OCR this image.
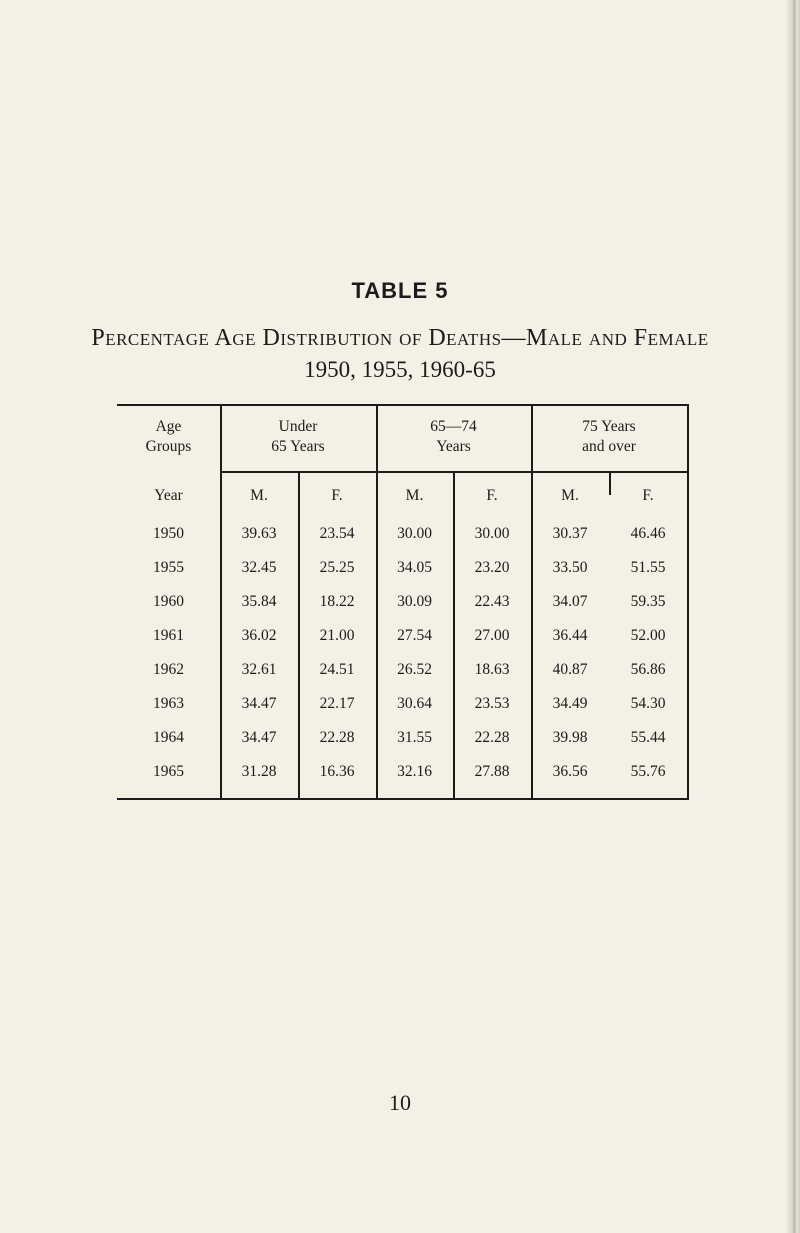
TABLE 5
Percentage Age Distribution of Deaths—Male and Female
1950, 1955, 1960-65
Age
Groups
Under
65 Years
65—74
Years
75 Years
and over
Year	M.	F.	M.	F.	M.	F.
1950	39.63	23.54	30.00	30.00	30.37	46.46
1955	32.45	25.25	34.05	23.20	33.50	51.55
1960	35.84	18.22	30.09	22.43	34.07	59.35
1961	36.02	21.00	27.54	27.00	36.44	52.00
1962	32.61	24.51	26.52	18.63	40.87	56.86
1963	34.47	22.17	30.64	23.53	34.49	54.30
1964	34.47	22.28	31.55	22.28	39.98	55.44
1965	31.28	16.36	32.16	27.88	36.56	55.76
10
